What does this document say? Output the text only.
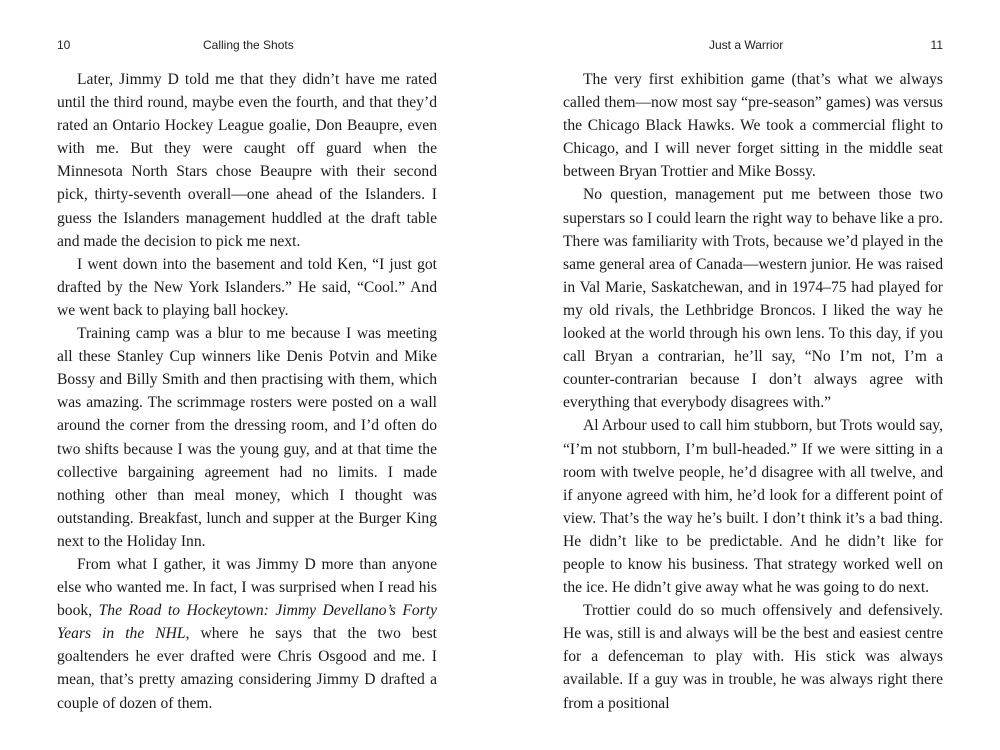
10	Calling the Shots

Later, Jimmy D told me that they didn’t have me rated until the third round, maybe even the fourth, and that they’d rated an Ontario Hockey League goalie, Don Beaupre, even with me. But they were caught off guard when the Minnesota North Stars chose Beaupre with their second pick, thirty-seventh overall—one ahead of the Islanders. I guess the Islanders management huddled at the draft table and made the decision to pick me next.

I went down into the basement and told Ken, “I just got drafted by the New York Islanders.” He said, “Cool.” And we went back to playing ball hockey.

Training camp was a blur to me because I was meeting all these Stanley Cup winners like Denis Potvin and Mike Bossy and Billy Smith and then practising with them, which was amazing. The scrimmage rosters were posted on a wall around the corner from the dressing room, and I’d often do two shifts because I was the young guy, and at that time the collective bargaining agreement had no limits. I made nothing other than meal money, which I thought was outstanding. Breakfast, lunch and supper at the Burger King next to the Holiday Inn.

From what I gather, it was Jimmy D more than anyone else who wanted me. In fact, I was surprised when I read his book, The Road to Hockeytown: Jimmy Devellano’s Forty Years in the NHL, where he says that the two best goaltenders he ever drafted were Chris Osgood and me. I mean, that’s pretty amazing considering Jimmy D drafted a couple of dozen of them.

Just a Warrior	11

The very first exhibition game (that’s what we always called them—now most say “pre-season” games) was versus the Chicago Black Hawks. We took a commercial flight to Chicago, and I will never forget sitting in the middle seat between Bryan Trottier and Mike Bossy.

No question, management put me between those two superstars so I could learn the right way to behave like a pro. There was familiarity with Trots, because we’d played in the same general area of Canada—western junior. He was raised in Val Marie, Saskatchewan, and in 1974–75 had played for my old rivals, the Lethbridge Broncos. I liked the way he looked at the world through his own lens. To this day, if you call Bryan a contrarian, he’ll say, “No I’m not, I’m a counter-contrarian because I don’t always agree with everything that everybody disagrees with.”

Al Arbour used to call him stubborn, but Trots would say, “I’m not stubborn, I’m bull-headed.” If we were sitting in a room with twelve people, he’d disagree with all twelve, and if anyone agreed with him, he’d look for a different point of view. That’s the way he’s built. I don’t think it’s a bad thing. He didn’t like to be predictable. And he didn’t like for people to know his business. That strategy worked well on the ice. He didn’t give away what he was going to do next.

Trottier could do so much offensively and defensively. He was, still is and always will be the best and easiest centre for a defenceman to play with. His stick was always available. If a guy was in trouble, he was always right there from a positional
